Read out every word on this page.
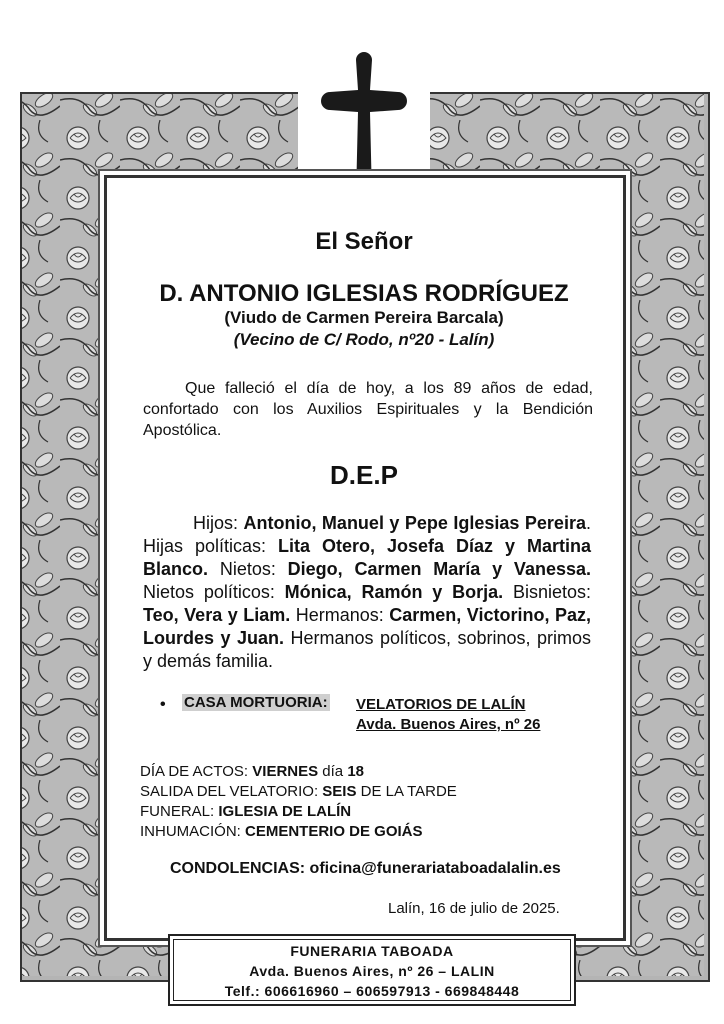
El Señor
D. ANTONIO IGLESIAS RODRÍGUEZ
(Viudo de Carmen Pereira Barcala)
(Vecino de C/ Rodo, nº20 - Lalín)
Que falleció el día de hoy, a los 89 años de edad, confortado con los Auxilios Espirituales y la Bendición Apostólica.
D.E.P
Hijos: Antonio, Manuel y Pepe Iglesias Pereira. Hijas políticas: Lita Otero, Josefa Díaz y Martina Blanco. Nietos: Diego, Carmen María y Vanessa. Nietos políticos: Mónica, Ramón y Borja. Bisnietos: Teo, Vera y Liam. Hermanos: Carmen, Victorino, Paz, Lourdes y Juan. Hermanos políticos, sobrinos, primos y demás familia.
• CASA MORTUORIA: VELATORIOS DE LALÍN
Avda. Buenos Aires, nº 26
DÍA DE ACTOS: VIERNES día 18
SALIDA DEL VELATORIO: SEIS DE LA TARDE
FUNERAL: IGLESIA DE LALÍN
INHUMACIÓN: CEMENTERIO DE GOIÁS
CONDOLENCIAS: oficina@funerariataboadalalin.es
Lalín, 16 de julio de 2025.
FUNERARIA TABOADA
Avda. Buenos Aires, nº 26 – LALIN
Telf.: 606616960 – 606597913 - 669848448
